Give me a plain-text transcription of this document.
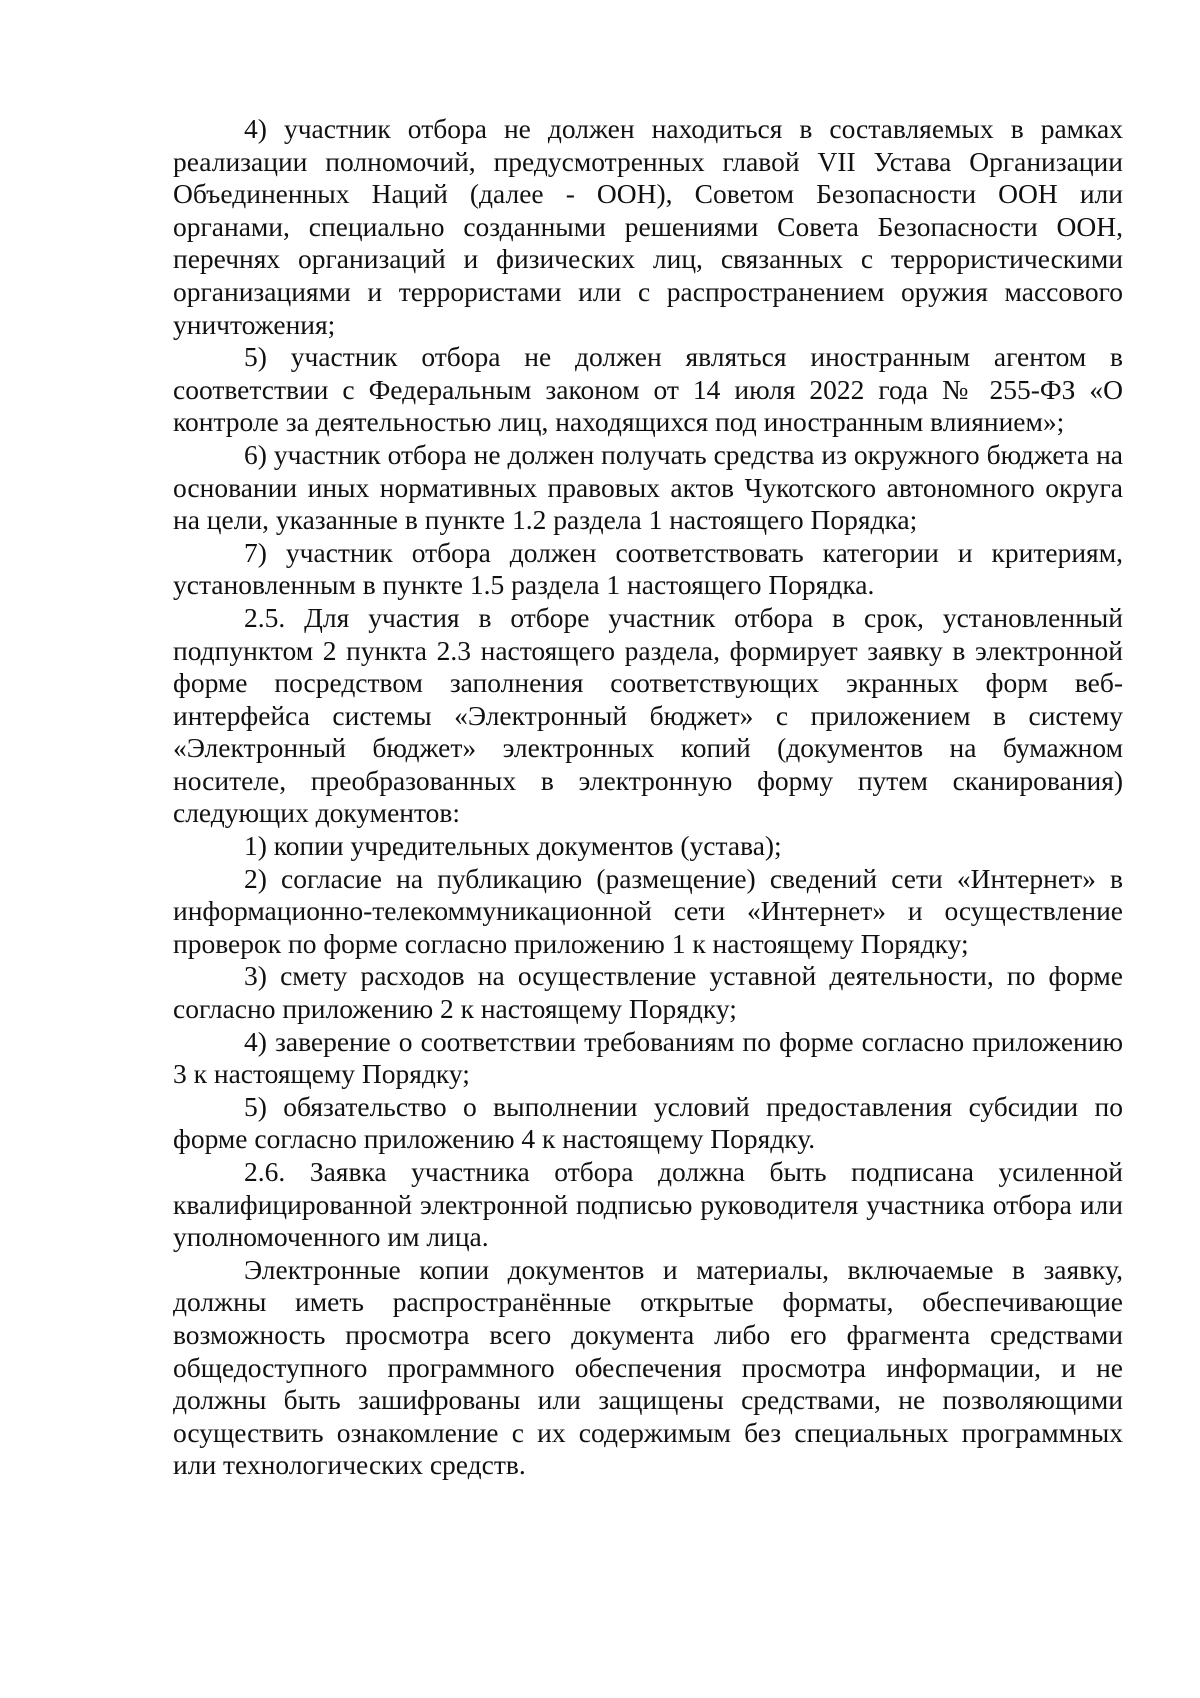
4) участник отбора не должен находиться в составляемых в рамках реализации полномочий, предусмотренных главой VII Устава Организации Объединенных Наций (далее - ООН), Советом Безопасности ООН или органами, специально созданными решениями Совета Безопасности ООН, перечнях организаций и физических лиц, связанных с террористическими организациями и террористами или с распространением оружия массового уничтожения;

5) участник отбора не должен являться иностранным агентом в соответствии с Федеральным законом от 14 июля 2022 года № 255-ФЗ «О контроле за деятельностью лиц, находящихся под иностранным влиянием»;

6) участник отбора не должен получать средства из окружного бюджета на основании иных нормативных правовых актов Чукотского автономного округа на цели, указанные в пункте 1.2 раздела 1 настоящего Порядка;

7) участник отбора должен соответствовать категории и критериям, установленным в пункте 1.5 раздела 1 настоящего Порядка.

2.5. Для участия в отборе участник отбора в срок, установленный подпунктом 2 пункта 2.3 настоящего раздела, формирует заявку в электронной форме посредством заполнения соответствующих экранных форм веб-интерфейса системы «Электронный бюджет» с приложением в систему «Электронный бюджет» электронных копий (документов на бумажном носителе, преобразованных в электронную форму путем сканирования) следующих документов:

1) копии учредительных документов (устава);

2) согласие на публикацию (размещение) сведений сети «Интернет» в информационно-телекоммуникационной сети «Интернет» и осуществление проверок по форме согласно приложению 1 к настоящему Порядку;

3) смету расходов на осуществление уставной деятельности, по форме согласно приложению 2 к настоящему Порядку;

4) заверение о соответствии требованиям по форме согласно приложению 3 к настоящему Порядку;

5) обязательство о выполнении условий предоставления субсидии по форме согласно приложению 4 к настоящему Порядку.

2.6. Заявка участника отбора должна быть подписана усиленной квалифицированной электронной подписью руководителя участника отбора или уполномоченного им лица.

Электронные копии документов и материалы, включаемые в заявку, должны иметь распространённые открытые форматы, обеспечивающие возможность просмотра всего документа либо его фрагмента средствами общедоступного программного обеспечения просмотра информации, и не должны быть зашифрованы или защищены средствами, не позволяющими осуществить ознакомление с их содержимым без специальных программных или технологических средств.
